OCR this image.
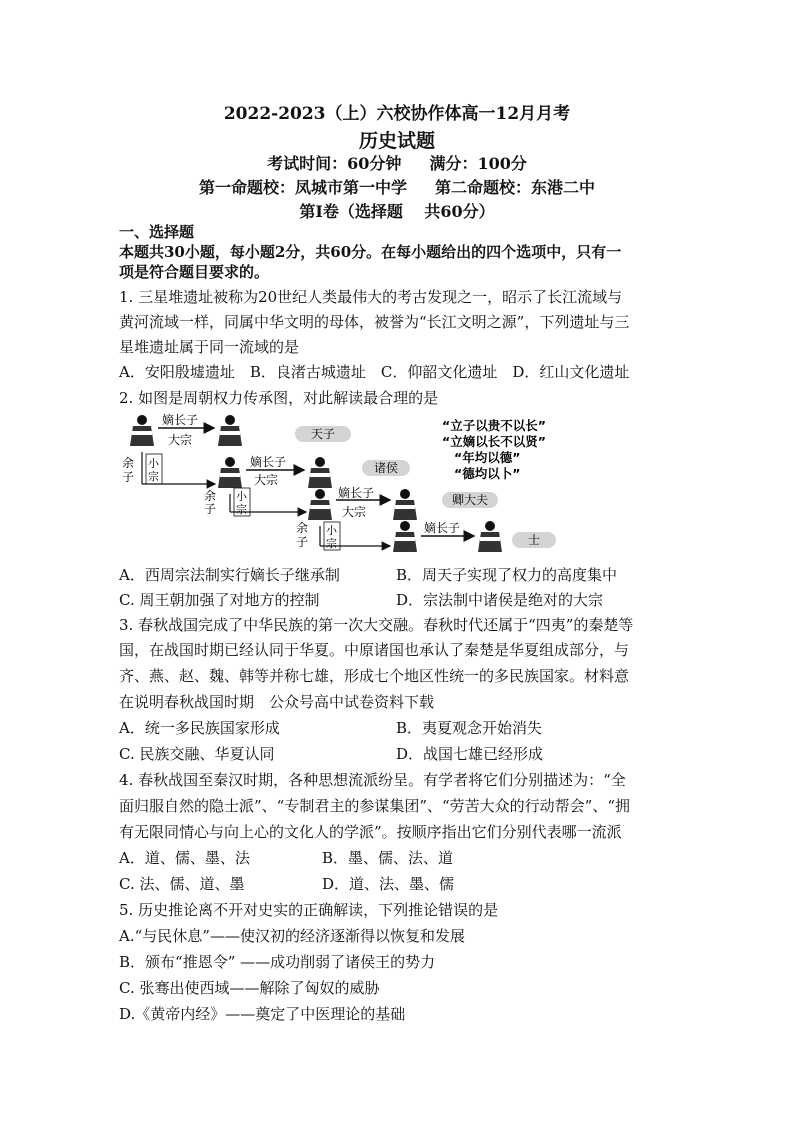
2022-2023（上）六校协作体高一12月月考
历史试题
考试时间：60分钟 满分：100分
第一命题校：凤城市第一中学 第二命题校：东港二中
第Ⅰ卷（选择题　 共60分）
一、选择题
本题共30小题，每小题2分，共60分。在每小题给出的四个选项中，只有一
项是符合题目要求的。
1. 三星堆遗址被称为20世纪人类最伟大的考古发现之一，昭示了长江流域与
黄河流域一样，同属中华文明的母体，被誉为“长江文明之源”，下列遗址与三
星堆遗址属于同一流域的是
A．安阳殷墟遗址　B．良渚古城遗址　C．仰韶文化遗址　D．红山文化遗址
2. 如图是周朝权力传承图，对此解读最合理的是
嫡长子
大宗	天子
余
子
小
宗
嫡长子
大宗
诸侯
余
子
小
宗
嫡长子
大宗
卿大夫
余
子
小
宗
嫡长子
士
“立子以贵不以长”
“立嫡以长不以贤”
“年均以德”
“德均以卜”
A．西周宗法制实行嫡长子继承制	B．周天子实现了权力的高度集中
C. 周王朝加强了对地方的控制	D．宗法制中诸侯是绝对的大宗
3. 春秋战国完成了中华民族的第一次大交融。春秋时代还属于“四夷”的秦楚等
国，在战国时期已经认同于华夏。中原诸国也承认了秦楚是华夏组成部分，与
齐、燕、赵、魏、韩等并称七雄，形成七个地区性统一的多民族国家。材料意
在说明春秋战国时期　公众号高中试卷资料下载
A．统一多民族国家形成	B．夷夏观念开始消失
C. 民族交融、华夏认同	D．战国七雄已经形成
4. 春秋战国至秦汉时期，各种思想流派纷呈。有学者将它们分别描述为：“全
面归服自然的隐士派”、“专制君主的参谋集团”、“劳苦大众的行动帮会”、“拥
有无限同情心与向上心的文化人的学派”。按顺序指出它们分别代表哪一流派
A．道、儒、墨、法	B．墨、儒、法、道
C. 法、儒、道、墨	D．道、法、墨、儒
5. 历史推论离不开对史实的正确解读，下列推论错误的是
A.“与民休息”——使汉初的经济逐渐得以恢复和发展
B．颁布“推恩令” ——成功削弱了诸侯王的势力
C. 张骞出使西域——解除了匈奴的威胁
D.《黄帝内经》——奠定了中医理论的基础
